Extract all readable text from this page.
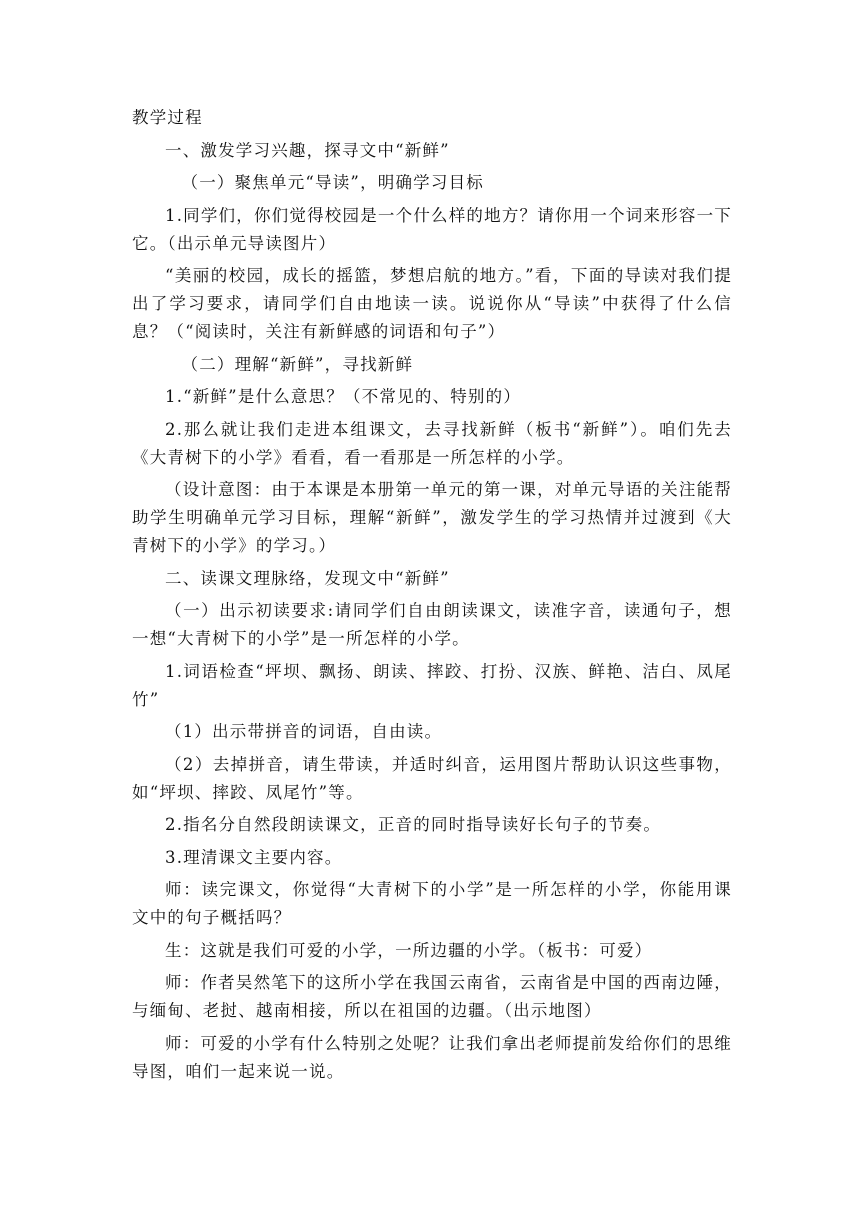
教学过程

一、激发学习兴趣，探寻文中“新鲜”

（一）聚焦单元“导读”，明确学习目标

1.同学们，你们觉得校园是一个什么样的地方？请你用一个词来形容一下它。（出示单元导读图片）

“美丽的校园，成长的摇篮，梦想启航的地方。”看，下面的导读对我们提出了学习要求，请同学们自由地读一读。说说你从“导读”中获得了什么信息？（“阅读时，关注有新鲜感的词语和句子”）

（二）理解“新鲜”，寻找新鲜

1.“新鲜”是什么意思？（不常见的、特别的）

2.那么就让我们走进本组课文，去寻找新鲜（板书“新鲜”）。咱们先去《大青树下的小学》看看，看一看那是一所怎样的小学。

（设计意图：由于本课是本册第一单元的第一课，对单元导语的关注能帮助学生明确单元学习目标，理解“新鲜”，激发学生的学习热情并过渡到《大青树下的小学》的学习。）

二、读课文理脉络，发现文中“新鲜”

（一）出示初读要求:请同学们自由朗读课文，读准字音，读通句子，想一想“大青树下的小学”是一所怎样的小学。

1.词语检查“坪坝、飘扬、朗读、摔跤、打扮、汉族、鲜艳、洁白、凤尾竹”

（1）出示带拼音的词语，自由读。

（2）去掉拼音，请生带读，并适时纠音，运用图片帮助认识这些事物，如“坪坝、摔跤、凤尾竹”等。

2.指名分自然段朗读课文，正音的同时指导读好长句子的节奏。

3.理清课文主要内容。

师：读完课文，你觉得“大青树下的小学”是一所怎样的小学，你能用课文中的句子概括吗？

生：这就是我们可爱的小学，一所边疆的小学。（板书：可爱）

师：作者吴然笔下的这所小学在我国云南省，云南省是中国的西南边陲，与缅甸、老挝、越南相接，所以在祖国的边疆。（出示地图）

师：可爱的小学有什么特别之处呢？让我们拿出老师提前发给你们的思维导图，咱们一起来说一说。
